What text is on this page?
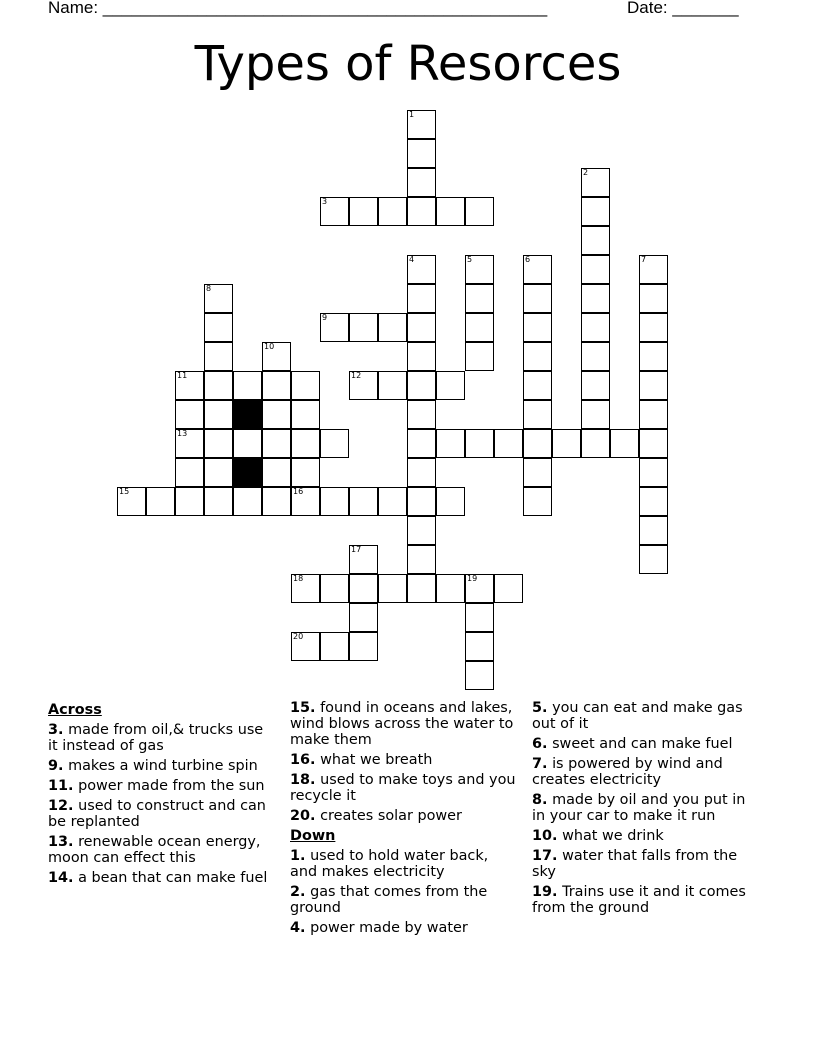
Name: _______________________________________________	Date: _______
Types of Resorces
1
3
2
4	5	6	7
8
9
10
11	12
13
15	16
17
18	19
20
Across
3. made from oil,& trucks use it instead of gas
9. makes a wind turbine spin
11. power made from the sun
12. used to construct and can be replanted
13. renewable ocean energy, moon can effect this
14. a bean that can make fuel
15. found in oceans and lakes, wind blows across the water to make them
16. what we breath
18. used to make toys and you recycle it
20. creates solar power
Down
1. used to hold water back, and makes electricity
2. gas that comes from the ground
4. power made by water
5. you can eat and make gas out of it
6. sweet and can make fuel
7. is powered by wind and creates electricity
8. made by oil and you put in in your car to make it run
10. what we drink
17. water that falls from the sky
19. Trains use it and it comes from the ground
